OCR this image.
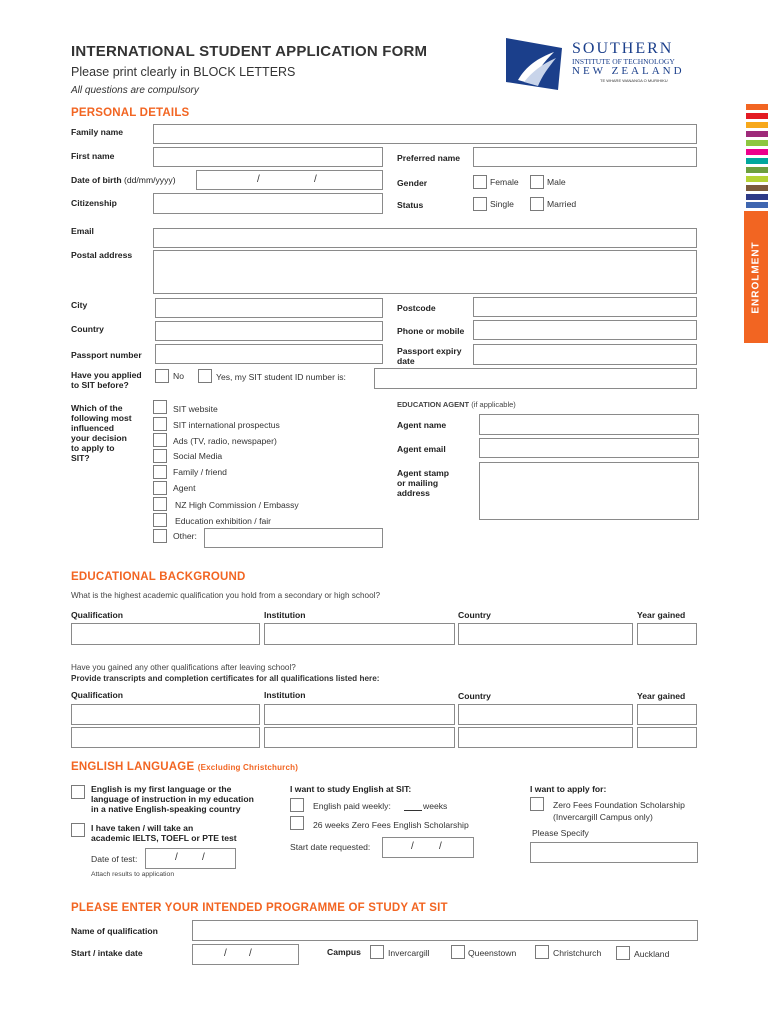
INTERNATIONAL STUDENT APPLICATION FORM
Please print clearly in BLOCK LETTERS
All questions are compulsory
SOUTHERN
INSTITUTE OF TECHNOLOGY
NEW ZEALAND
TE WHARE WANANGA O MURIHIKU
ENROLMENT
PERSONAL DETAILS
Family name
First name	Preferred name
Date of birth (dd/mm/yyyy)	/	/	Gender	Female	Male
Citizenship	Status	Single	Married
Email
Postal address
City	Postcode
Country	Phone or mobile
Passport number	Passport expiry
date
Have you applied
to SIT before?
No	Yes, my SIT student ID number is:
Which of the
following most
influenced
your decision
to apply to
SIT?
SIT website
SIT international prospectus
Ads (TV, radio, newspaper)
Social Media
Family / friend
Agent
NZ High Commission / Embassy
Education exhibition / fair
Other:
EDUCATION AGENT (if applicable)
Agent name
Agent email
Agent stamp
or mailing
address
EDUCATIONAL BACKGROUND
What is the highest academic qualification you hold from a secondary or high school?
Qualification	Institution	Country	Year gained
Have you gained any other qualifications after leaving school?
Provide transcripts and completion certificates for all qualifications listed here:
Qualification	Institution	Country	Year gained
ENGLISH LANGUAGE (Excluding Christchurch)
English is my first language or the
language of instruction in my education
in a native English-speaking country
I have taken / will take an
academic IELTS, TOEFL or PTE test
Date of test:	/ /
Attach results to application
I want to study English at SIT:
English paid weekly:	weeks
26 weeks Zero Fees English Scholarship
Start date requested:	/	/
I want to apply for:
Zero Fees Foundation Scholarship
(Invercargill Campus only)
Please Specify
PLEASE ENTER YOUR INTENDED PROGRAMME OF STUDY AT SIT
Name of qualification
Start / intake date	/ /	Campus	Invercargill	Queenstown	Christchurch	Auckland
